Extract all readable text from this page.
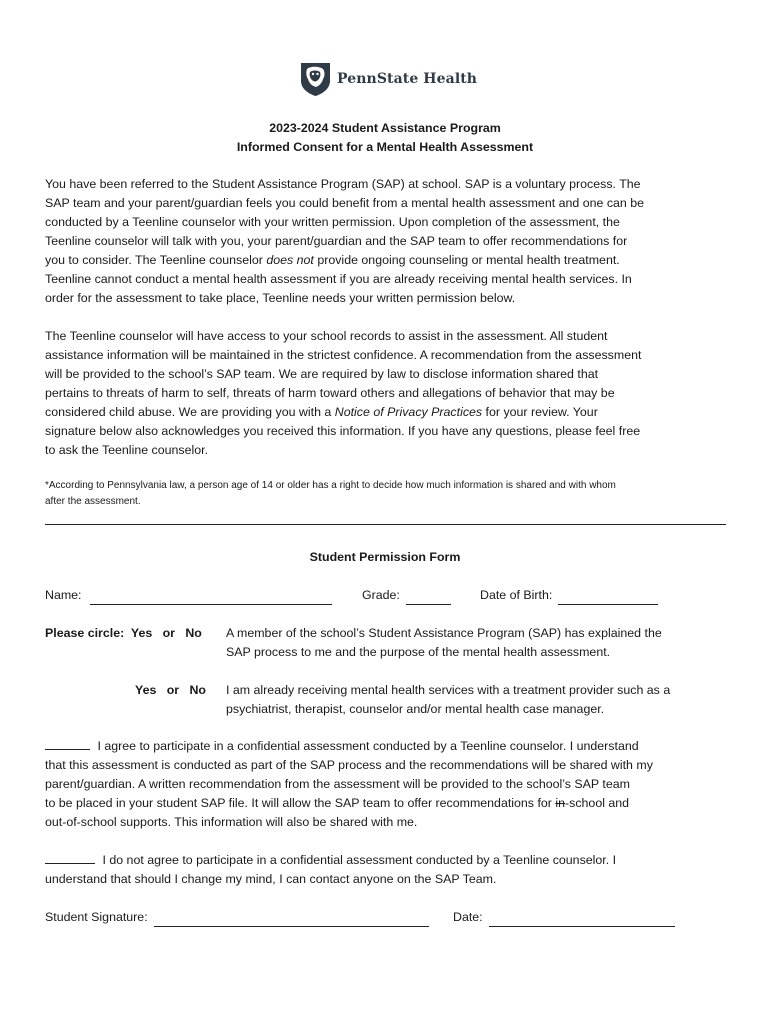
PennState Health
2023-2024 Student Assistance Program
Informed Consent for a Mental Health Assessment
You have been referred to the Student Assistance Program (SAP) at school. SAP is a voluntary process. The
SAP team and your parent/guardian feels you could benefit from a mental health assessment and one can be
conducted by a Teenline counselor with your written permission. Upon completion of the assessment, the
Teenline counselor will talk with you, your parent/guardian and the SAP team to offer recommendations for
you to consider. The Teenline counselor does not provide ongoing counseling or mental health treatment.
Teenline cannot conduct a mental health assessment if you are already receiving mental health services. In
order for the assessment to take place, Teenline needs your written permission below.
The Teenline counselor will have access to your school records to assist in the assessment. All student
assistance information will be maintained in the strictest confidence. A recommendation from the assessment
will be provided to the school’s SAP team. We are required by law to disclose information shared that
pertains to threats of harm to self, threats of harm toward others and allegations of behavior that may be
considered child abuse. We are providing you with a Notice of Privacy Practices for your review. Your
signature below also acknowledges you received this information. If you have any questions, please feel free
to ask the Teenline counselor.
*According to Pennsylvania law, a person age of 14 or older has a right to decide how much information is shared and with whom
after the assessment.
Student Permission Form
Name:	Grade:	Date of Birth:
Please circle: Yes or No A member of the school’s Student Assistance Program (SAP) has explained the
SAP process to me and the purpose of the mental health assessment.
Yes or No I am already receiving mental health services with a treatment provider such as a
psychiatrist, therapist, counselor and/or mental health case manager.
I agree to participate in a confidential assessment conducted by a Teenline counselor. I understand
that this assessment is conducted as part of the SAP process and the recommendations will be shared with my
parent/guardian. A written recommendation from the assessment will be provided to the school’s SAP team
to be placed in your student SAP file. It will allow the SAP team to offer recommendations for in-school and
out-of-school supports. This information will also be shared with me.
I do not agree to participate in a confidential assessment conducted by a Teenline counselor. I
understand that should I change my mind, I can contact anyone on the SAP Team.
Student Signature:	Date:
